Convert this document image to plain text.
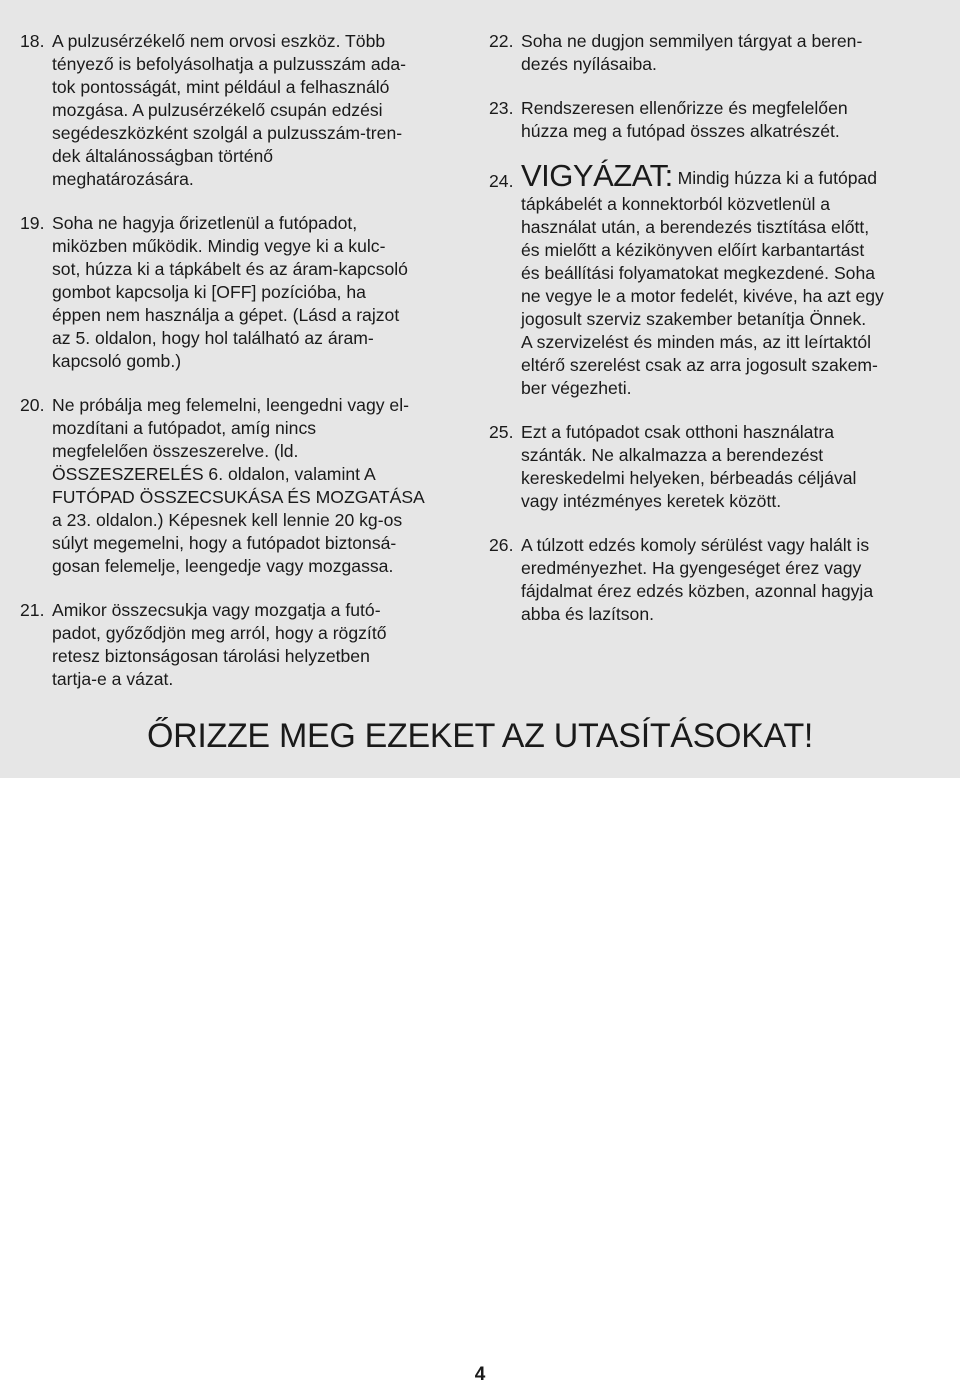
18. A pulzusérzékelő nem orvosi eszköz. Több
tényező is befolyásolhatja a pulzusszám ada-
tok pontosságát, mint például a felhasználó
mozgása. A pulzusérzékelő csupán edzési
segédeszközként szolgál a pulzusszám-tren-
dek általánosságban történő
meghatározására.
19. Soha ne hagyja őrizetlenül a futópadot,
miközben működik. Mindig vegye ki a kulc-
sot, húzza ki a tápkábelt és az áram-kapcsoló
gombot kapcsolja ki [OFF] pozícióba, ha
éppen nem használja a gépet. (Lásd a rajzot
az 5. oldalon, hogy hol található az áram-
kapcsoló gomb.)
20. Ne próbálja meg felemelni, leengedni vagy el-
mozdítani a futópadot, amíg nincs
megfelelően összeszerelve. (ld.
ÖSSZESZERELÉS 6. oldalon, valamint A
FUTÓPAD ÖSSZECSUKÁSA ÉS MOZGATÁSA
a 23. oldalon.) Képesnek kell lennie 20 kg-os
súlyt megemelni, hogy a futópadot biztonsá-
gosan felemelje, leengedje vagy mozgassa.
21. Amikor összecsukja vagy mozgatja a futó-
padot, győződjön meg arról, hogy a rögzítő
retesz biztonságosan tárolási helyzetben
tartja-e a vázat.
22. Soha ne dugjon semmilyen tárgyat a beren-
dezés nyílásaiba.
23. Rendszeresen ellenőrizze és megfelelően
húzza meg a futópad összes alkatrészét.
24. VIGYÁZAT: Mindig húzza ki a futópad
tápkábelét a konnektorból közvetlenül a
használat után, a berendezés tisztítása előtt,
és mielőtt a kézikönyven előírt karbantartást
és beállítási folyamatokat megkezdené. Soha
ne vegye le a motor fedelét, kivéve, ha azt egy
jogosult szerviz szakember betanítja Önnek.
A szervizelést és minden más, az itt leírtaktól
eltérő szerelést csak az arra jogosult szakem-
ber végezheti.
25. Ezt a futópadot csak otthoni használatra
szánták. Ne alkalmazza a berendezést
kereskedelmi helyeken, bérbeadás céljával
vagy intézményes keretek között.
26. A túlzott edzés komoly sérülést vagy halált is
eredményezhet. Ha gyengeséget érez vagy
fájdalmat érez edzés közben, azonnal hagyja
abba és lazítson.
ŐRIZZE MEG EZEKET AZ UTASÍTÁSOKAT!
4
